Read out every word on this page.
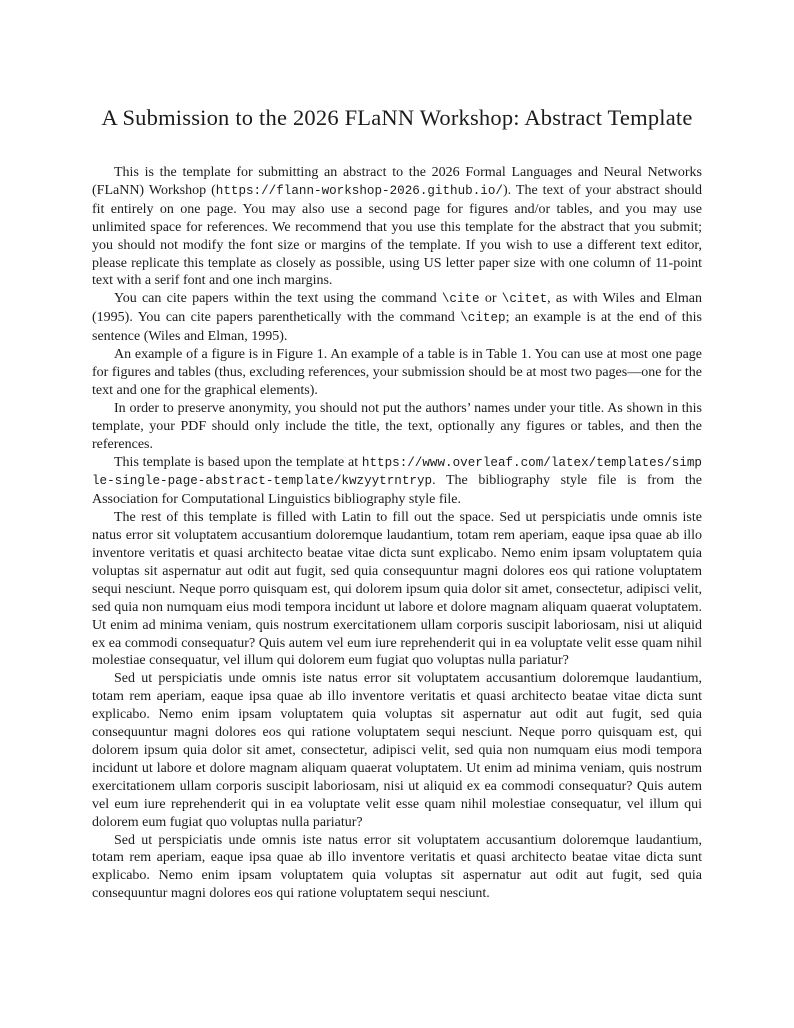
A Submission to the 2026 FLaNN Workshop: Abstract Template

This is the template for submitting an abstract to the 2026 Formal Languages and Neural Networks (FLaNN) Workshop (https://flann-workshop-2026.github.io/). The text of your abstract should fit entirely on one page. You may also use a second page for figures and/or tables, and you may use unlimited space for references. We recommend that you use this template for the abstract that you submit; you should not modify the font size or margins of the template. If you wish to use a different text editor, please replicate this template as closely as possible, using US letter paper size with one column of 11-point text with a serif font and one inch margins.

You can cite papers within the text using the command \cite or \citet, as with Wiles and Elman (1995). You can cite papers parenthetically with the command \citep; an example is at the end of this sentence (Wiles and Elman, 1995).

An example of a figure is in Figure 1. An example of a table is in Table 1. You can use at most one page for figures and tables (thus, excluding references, your submission should be at most two pages—one for the text and one for the graphical elements).

In order to preserve anonymity, you should not put the authors’ names under your title. As shown in this template, your PDF should only include the title, the text, optionally any figures or tables, and then the references.

This template is based upon the template at https://www.overleaf.com/latex/templates/simple-single-page-abstract-template/kwzyytrntryp. The bibliography style file is from the Association for Computational Linguistics bibliography style file.

The rest of this template is filled with Latin to fill out the space. Sed ut perspiciatis unde omnis iste natus error sit voluptatem accusantium doloremque laudantium, totam rem aperiam, eaque ipsa quae ab illo inventore veritatis et quasi architecto beatae vitae dicta sunt explicabo. Nemo enim ipsam voluptatem quia voluptas sit aspernatur aut odit aut fugit, sed quia consequuntur magni dolores eos qui ratione voluptatem sequi nesciunt. Neque porro quisquam est, qui dolorem ipsum quia dolor sit amet, consectetur, adipisci velit, sed quia non numquam eius modi tempora incidunt ut labore et dolore magnam aliquam quaerat voluptatem. Ut enim ad minima veniam, quis nostrum exercitationem ullam corporis suscipit laboriosam, nisi ut aliquid ex ea commodi consequatur? Quis autem vel eum iure reprehenderit qui in ea voluptate velit esse quam nihil molestiae consequatur, vel illum qui dolorem eum fugiat quo voluptas nulla pariatur?

Sed ut perspiciatis unde omnis iste natus error sit voluptatem accusantium doloremque laudantium, totam rem aperiam, eaque ipsa quae ab illo inventore veritatis et quasi architecto beatae vitae dicta sunt explicabo. Nemo enim ipsam voluptatem quia voluptas sit aspernatur aut odit aut fugit, sed quia consequuntur magni dolores eos qui ratione voluptatem sequi nesciunt. Neque porro quisquam est, qui dolorem ipsum quia dolor sit amet, consectetur, adipisci velit, sed quia non numquam eius modi tempora incidunt ut labore et dolore magnam aliquam quaerat voluptatem. Ut enim ad minima veniam, quis nostrum exercitationem ullam corporis suscipit laboriosam, nisi ut aliquid ex ea commodi consequatur? Quis autem vel eum iure reprehenderit qui in ea voluptate velit esse quam nihil molestiae consequatur, vel illum qui dolorem eum fugiat quo voluptas nulla pariatur?

Sed ut perspiciatis unde omnis iste natus error sit voluptatem accusantium doloremque laudantium, totam rem aperiam, eaque ipsa quae ab illo inventore veritatis et quasi architecto beatae vitae dicta sunt explicabo. Nemo enim ipsam voluptatem quia voluptas sit aspernatur aut odit aut fugit, sed quia consequuntur magni dolores eos qui ratione voluptatem sequi nesciunt.
